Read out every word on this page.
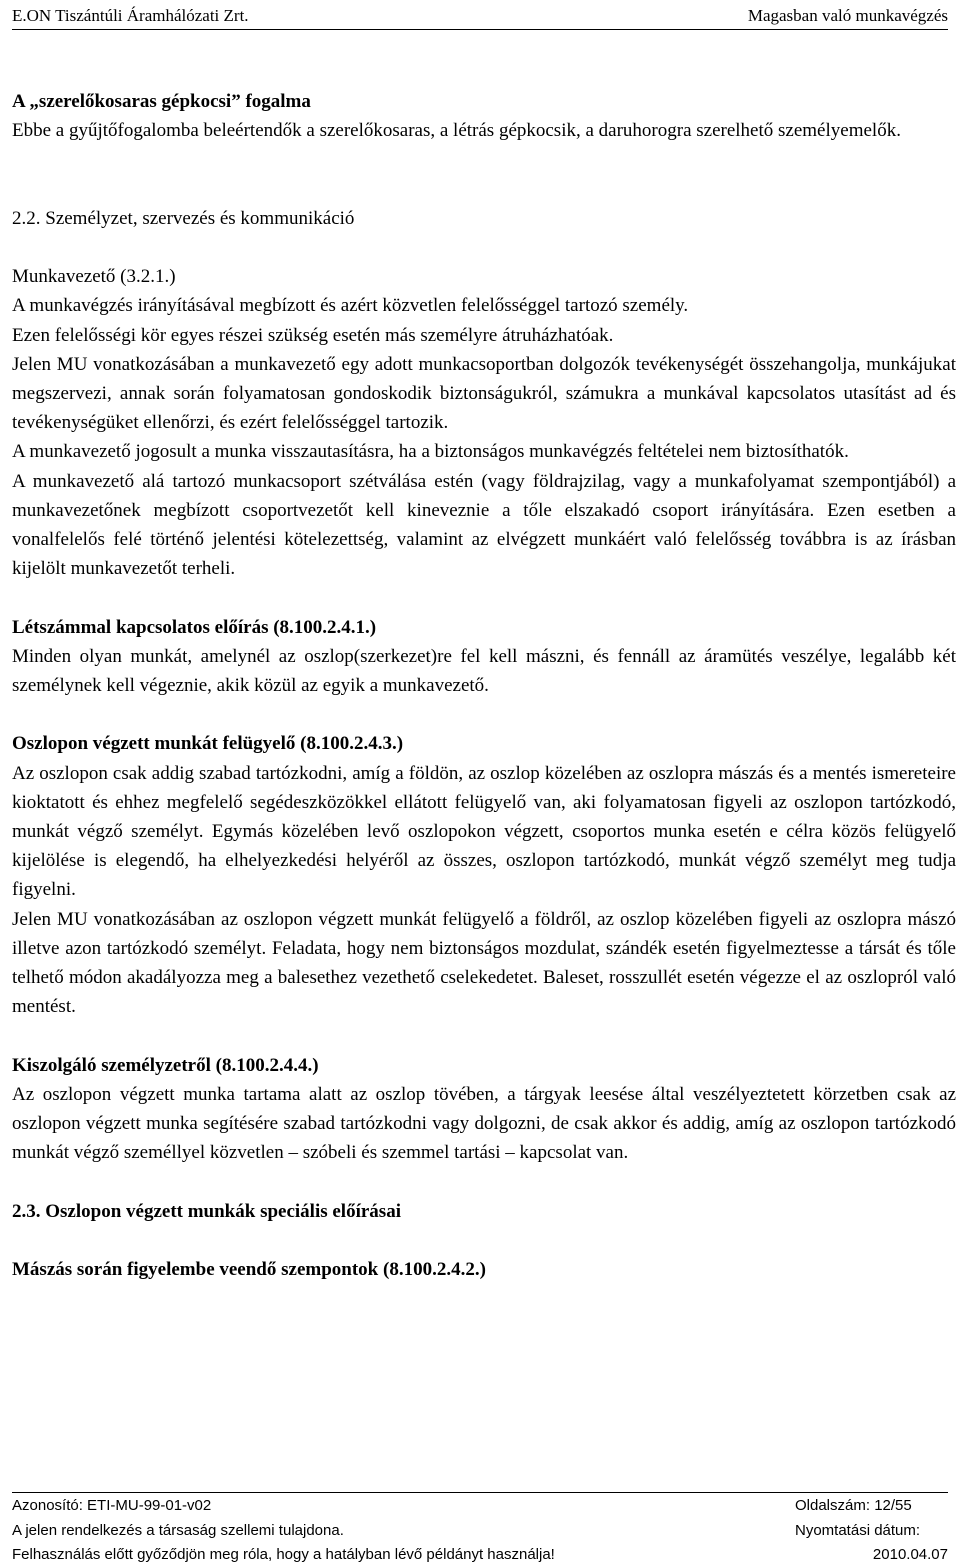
E.ON Tiszántúli Áramhálózati Zrt.	Magasban való munkavégzés

A „szerelőkosaras gépkocsi” fogalma

Ebbe a gyűjtőfogalomba beleértendők a szerelőkosaras, a létrás gépkocsik, a daruhorogra szerelhető személyemelők.

2.2. Személyzet, szervezés és kommunikáció

Munkavezető (3.2.1.)

A munkavégzés irányításával megbízott és azért közvetlen felelősséggel tartozó személy.

Ezen felelősségi kör egyes részei szükség esetén más személyre átruházhatóak.

Jelen MU vonatkozásában a munkavezető egy adott munkacsoportban dolgozók tevékenységét összehangolja, munkájukat megszervezi, annak során folyamatosan gondoskodik biztonságukról, számukra a munkával kapcsolatos utasítást ad és tevékenységüket ellenőrzi, és ezért felelősséggel tartozik.

A munkavezető jogosult a munka visszautasításra, ha a biztonságos munkavégzés feltételei nem biztosíthatók.

A munkavezető alá tartozó munkacsoport szétválása estén (vagy földrajzilag, vagy a munkafolyamat szempontjából) a munkavezetőnek megbízott csoportvezetőt kell kineveznie a tőle elszakadó csoport irányítására. Ezen esetben a vonalfelelős felé történő jelentési kötelezettség, valamint az elvégzett munkáért való felelősség továbbra is az írásban kijelölt munkavezetőt terheli.

Létszámmal kapcsolatos előírás (8.100.2.4.1.)

Minden olyan munkát, amelynél az oszlop(szerkezet)re fel kell mászni, és fennáll az áramütés veszélye, legalább két személynek kell végeznie, akik közül az egyik a munkavezető.

Oszlopon végzett munkát felügyelő (8.100.2.4.3.)

Az oszlopon csak addig szabad tartózkodni, amíg a földön, az oszlop közelében az oszlopra mászás és a mentés ismereteire kioktatott és ehhez megfelelő segédeszközökkel ellátott felügyelő van, aki folyamatosan figyeli az oszlopon tartózkodó, munkát végző személyt. Egymás közelében levő oszlopokon végzett, csoportos munka esetén e célra közös felügyelő kijelölése is elegendő, ha elhelyezkedési helyéről az összes, oszlopon tartózkodó, munkát végző személyt meg tudja figyelni.

Jelen MU vonatkozásában az oszlopon végzett munkát felügyelő a földről, az oszlop közelében figyeli az oszlopra mászó illetve azon tartózkodó személyt. Feladata, hogy nem biztonságos mozdulat, szándék esetén figyelmeztesse a társát és tőle telhető módon akadályozza meg a balesethez vezethető cselekedetet. Baleset, rosszullét esetén végezze el az oszlopról való mentést.

Kiszolgáló személyzetről (8.100.2.4.4.)

Az oszlopon végzett munka tartama alatt az oszlop tövében, a tárgyak leesése által veszélyeztetett körzetben csak az oszlopon végzett munka segítésére szabad tartózkodni vagy dolgozni, de csak akkor és addig, amíg az oszlopon tartózkodó munkát végző személlyel közvetlen – szóbeli és szemmel tartási – kapcsolat van.

2.3. Oszlopon végzett munkák speciális előírásai

Mászás során figyelembe veendő szempontok (8.100.2.4.2.)

Azonosító: ETI-MU-99-01-v02	Oldalszám: 12/55
A jelen rendelkezés a társaság szellemi tulajdona.	Nyomtatási dátum:
Felhasználás előtt győződjön meg róla, hogy a hatályban lévő példányt használja!	2010.04.07
